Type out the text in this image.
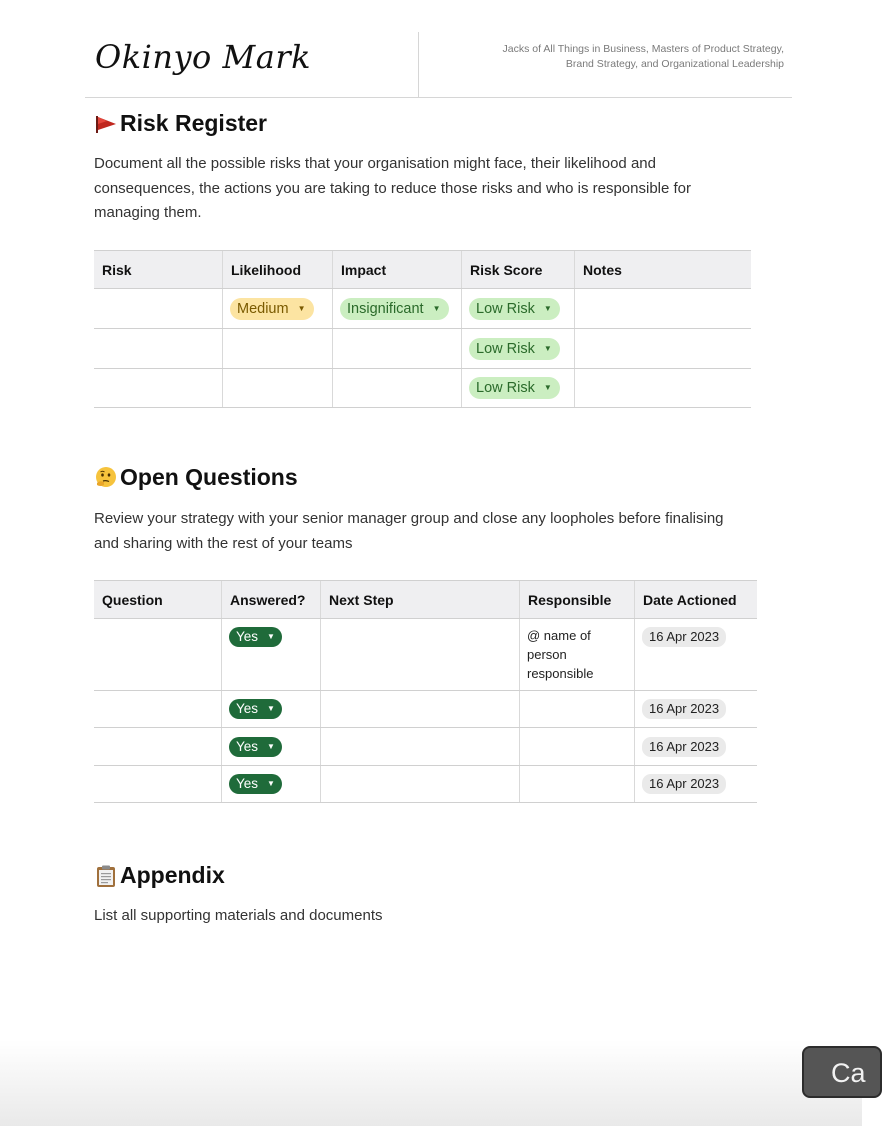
Okinyo Mark	Jacks of All Things in Business, Masters of Product Strategy,
Brand Strategy, and Organizational Leadership
Risk Register

Document all the possible risks that your organisation might face, their likelihood and consequences, the actions you are taking to reduce those risks and who is responsible for managing them.

Risk	Likelihood	Impact	Risk Score	Notes

	Medium ▼	Insignificant ▼	Low Risk ▼	

			Low Risk ▼	

			Low Risk ▼	

Open Questions

Review your strategy with your senior manager group and close any loopholes before finalising and sharing with the rest of your teams

Question	Answered?	Next Step	Responsible	Date Actioned

	Yes ▼		@ name of person responsible	16 Apr 2023

	Yes ▼			16 Apr 2023

	Yes ▼			16 Apr 2023

	Yes ▼			16 Apr 2023
Appendix

List all supporting materials and documents

Ca
